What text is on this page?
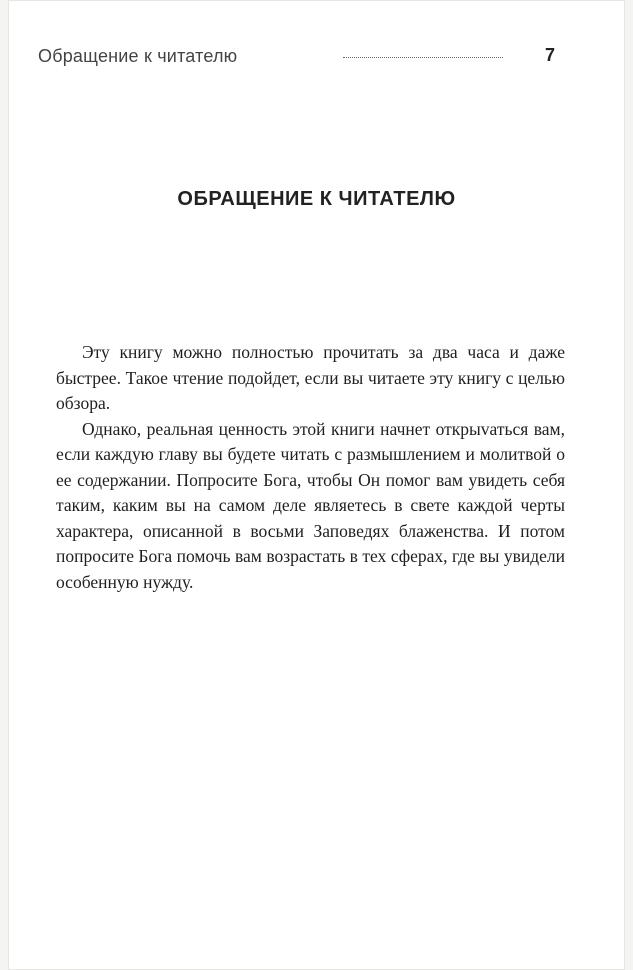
Обращение к читателю	7
ОБРАЩЕНИЕ К ЧИТАТЕЛЮ

Эту книгу можно полностью прочитать за два часа и даже быстрее. Такое чтение подойдет, если вы читаете эту книгу с целью обзора.

Однако, реальная ценность этой книги начнет открыvаться вам, если каждую главу вы будете читать с размышлением и молитвой о ее содержании. Попросите Бога, чтобы Он помог вам увидеть себя таким, каким вы на самом деле являетесь в свете каждой черты характера, описанной в восьми Заповедях блаженства. И потом попросите Бога помочь вам возрастать в тех сферах, где вы увидели особенную нужду.
